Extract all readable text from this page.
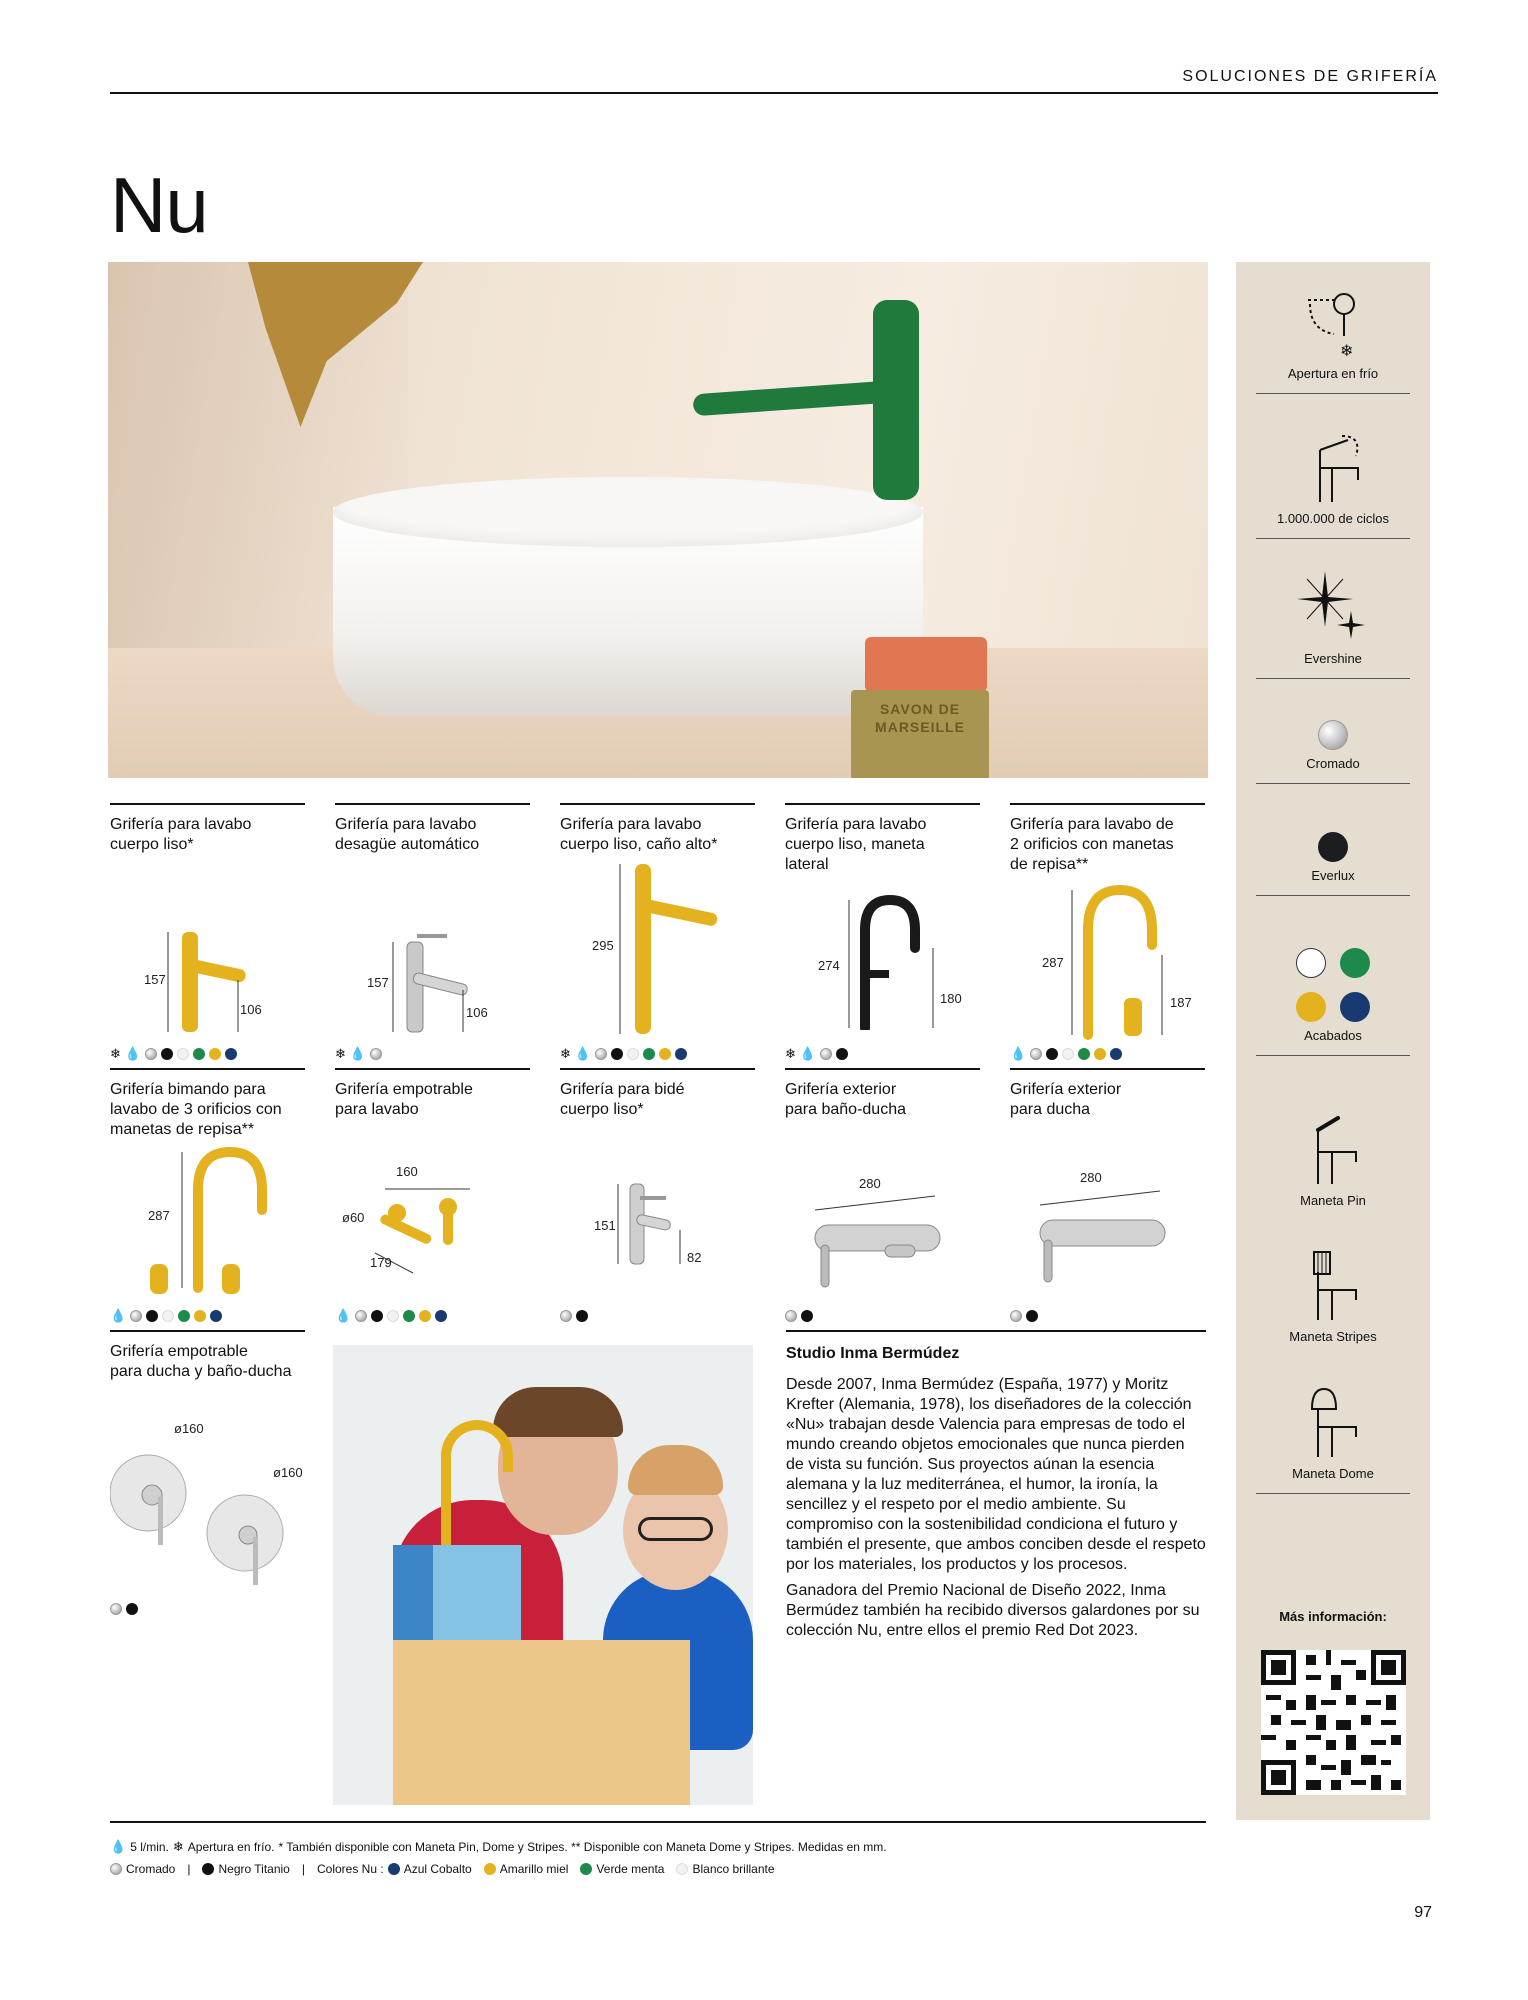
SOLUCIONES DE GRIFERÍA
Nu
SAVON DE MARSEILLE
Grifería para lavabo
cuerpo liso*
157
106
Grifería para lavabo
desagüe automático
157
106
Grifería para lavabo
cuerpo liso, caño alto*
295
Grifería para lavabo
cuerpo liso, maneta
lateral
274
180
Grifería para lavabo de
2 orificios con manetas
de repisa**
287
187
❄ 💧	❄ 💧	❄ 💧	❄ 💧	💧
Grifería bimando para
lavabo de 3 orificios con
manetas de repisa**
287
Grifería empotrable
para lavabo
160
ø60
179
Grifería para bidé
cuerpo liso*
151
82
Grifería exterior
para baño-ducha
280
Grifería exterior
para ducha
280
💧	💧
Grifería empotrable
para ducha y baño-ducha
ø160
ø160
Studio Inma Bermúdez

Desde 2007, Inma Bermúdez (España, 1977) y Moritz Krefter (Alemania, 1978), los diseñadores de la colección «Nu» trabajan desde Valencia para empresas de todo el mundo creando objetos emocionales que nunca pierden de vista su función. Sus proyectos aúnan la esencia alemana y la luz mediterránea, el humor, la ironía, la sencillez y el respeto por el medio ambiente. Su compromiso con la sostenibilidad condiciona el futuro y también el presente, que ambos conciben desde el respeto por los materiales, los productos y los procesos.

Ganadora del Premio Nacional de Diseño 2022, Inma Bermúdez también ha recibido diversos galardones por su colección Nu, entre ellos el premio Red Dot 2023.

❄
Apertura en frío
1.000.000 de ciclos
Evershine
Cromado
Everlux
Acabados
Maneta Pin
Maneta Stripes
Maneta Dome
Más información:
💧 5 l/min. ❄ Apertura en frío. * También disponible con Maneta Pin, Dome y Stripes. ** Disponible con Maneta Dome y Stripes. Medidas en mm.
Cromado | Negro Titanio | Colores Nu : Azul Cobalto Amarillo miel Verde menta Blanco brillante
97
